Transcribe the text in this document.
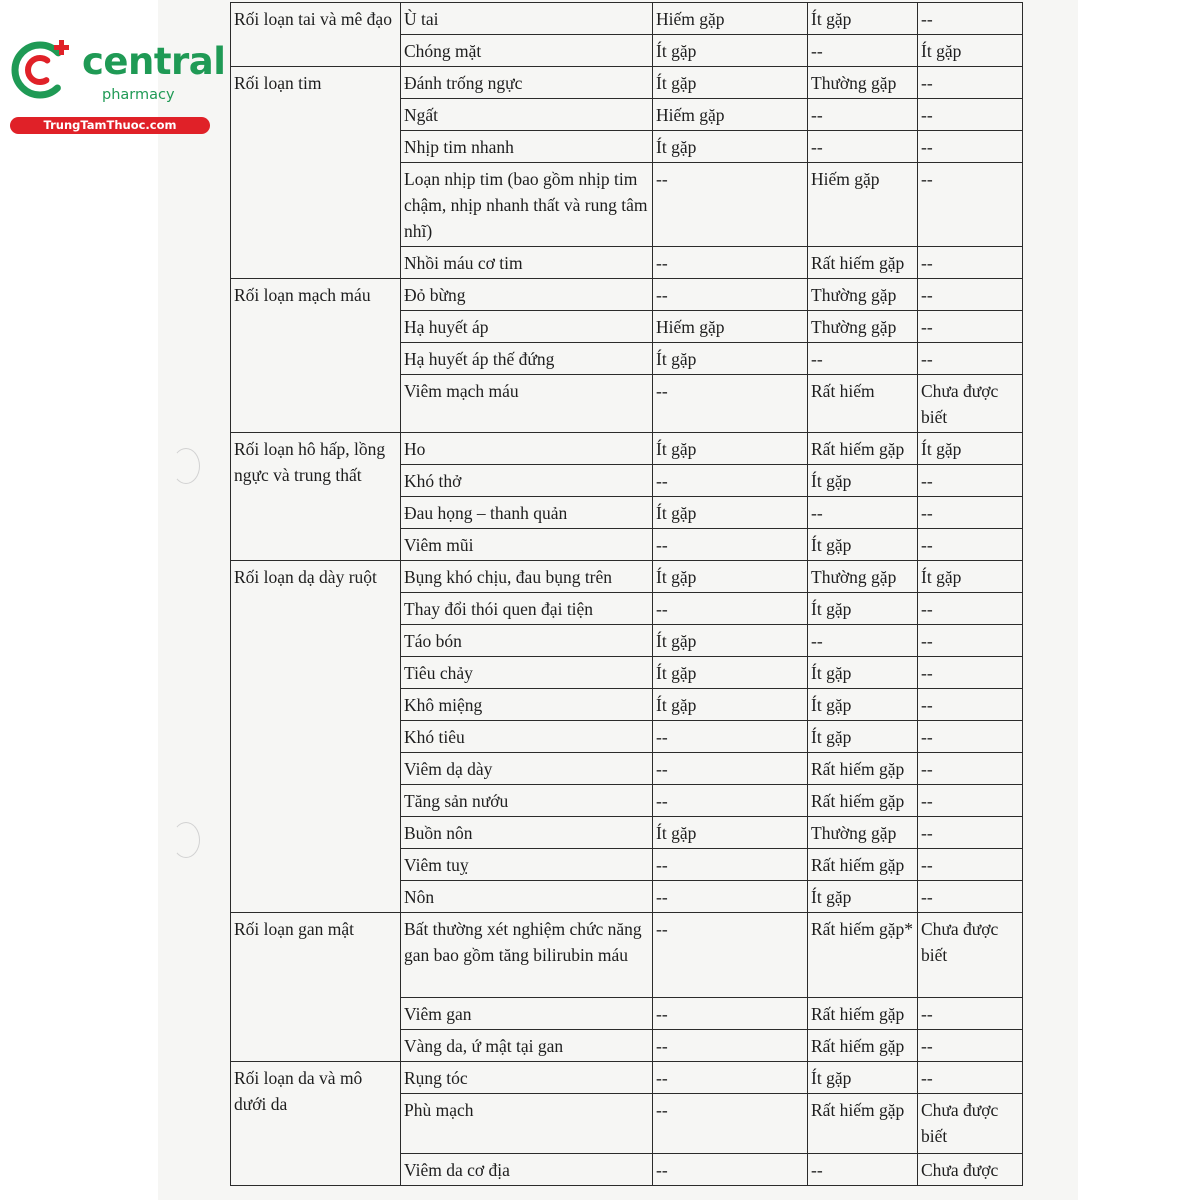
central
pharmacy
TrungTamThuoc.com
Rối loạn tai và mê đạo	Ù tai	Hiếm gặp	Ít gặp	--
	Chóng mặt	Ít gặp	--	Ít gặp
Rối loạn tim	Đánh trống ngực	Ít gặp	Thường gặp	--
	Ngất	Hiếm gặp	--	--
	Nhịp tim nhanh	Ít gặp	--	--
	Loạn nhịp tim (bao gồm nhịp tim chậm, nhịp nhanh thất và rung tâm nhĩ)	--	Hiếm gặp	--
	Nhồi máu cơ tim	--	Rất hiếm gặp	--
Rối loạn mạch máu	Đỏ bừng	--	Thường gặp	--
	Hạ huyết áp	Hiếm gặp	Thường gặp	--
	Hạ huyết áp thế đứng	Ít gặp	--	--
	Viêm mạch máu	--	Rất hiếm	Chưa được biết
Rối loạn hô hấp, lồng ngực và trung thất	Ho	Ít gặp	Rất hiếm gặp	Ít gặp
	Khó thở	--	Ít gặp	--
	Đau họng – thanh quản	Ít gặp	--	--
	Viêm mũi	--	Ít gặp	--
Rối loạn dạ dày ruột	Bụng khó chịu, đau bụng trên	Ít gặp	Thường gặp	Ít gặp
	Thay đổi thói quen đại tiện	--	Ít gặp	--
	Táo bón	Ít gặp	--	--
	Tiêu chảy	Ít gặp	Ít gặp	--
	Khô miệng	Ít gặp	Ít gặp	--
	Khó tiêu	--	Ít gặp	--
	Viêm dạ dày	--	Rất hiếm gặp	--
	Tăng sản nướu	--	Rất hiếm gặp	--
	Buồn nôn	Ít gặp	Thường gặp	--
	Viêm tuỵ	--	Rất hiếm gặp	--
	Nôn	--	Ít gặp	--
Rối loạn gan mật	Bất thường xét nghiệm chức năng gan bao gồm tăng bilirubin máu	--	Rất hiếm gặp*	Chưa được biết
	Viêm gan	--	Rất hiếm gặp	--
	Vàng da, ứ mật tại gan	--	Rất hiếm gặp	--
Rối loạn da và mô dưới da	Rụng tóc	--	Ít gặp	--
	Phù mạch	--	Rất hiếm gặp	Chưa được biết
	Viêm da cơ địa	--	--	Chưa được
